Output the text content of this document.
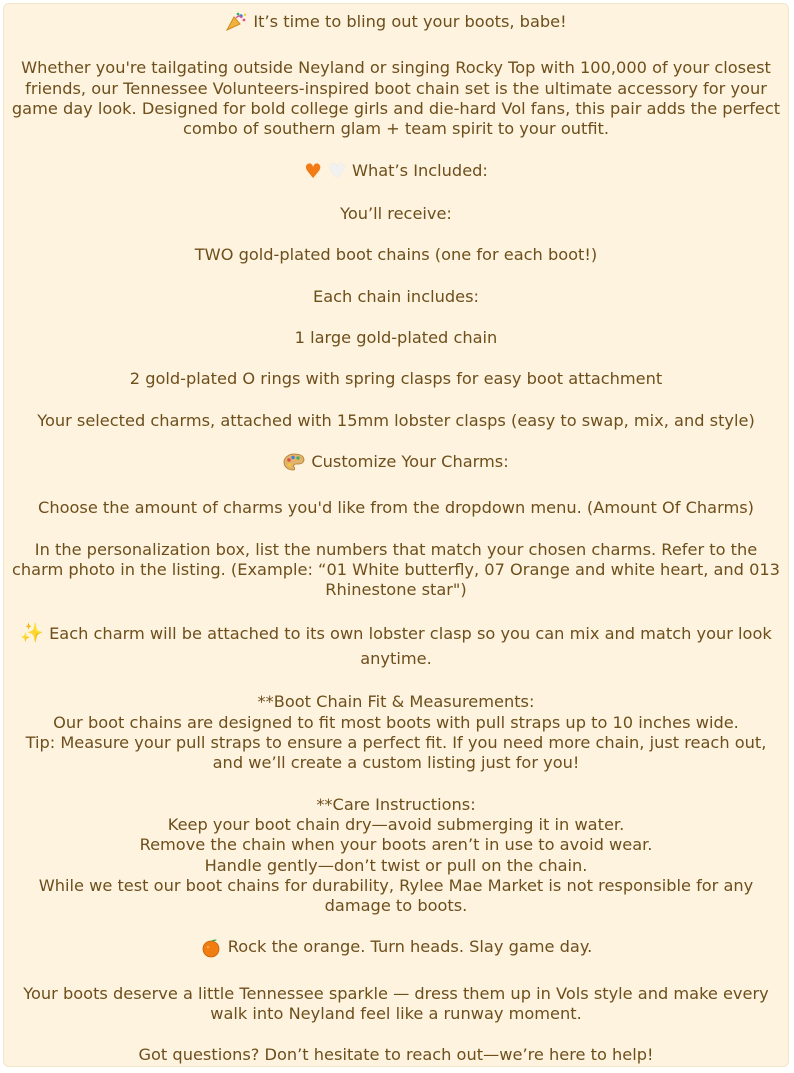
It’s time to bling out your boots, babe!

Whether you're tailgating outside Neyland or singing Rocky Top with 100,000 of your closest friends, our Tennessee Volunteers-inspired boot chain set is the ultimate accessory for your game day look. Designed for bold college girls and die-hard Vol fans, this pair adds the perfect combo of southern glam + team spirit to your outfit.

♥ ♥ What’s Included:

You’ll receive:

TWO gold-plated boot chains (one for each boot!)

Each chain includes:

1 large gold-plated chain

2 gold-plated O rings with spring clasps for easy boot attachment

Your selected charms, attached with 15mm lobster clasps (easy to swap, mix, and style)

Customize Your Charms:

Choose the amount of charms you'd like from the dropdown menu. (Amount Of Charms)

In the personalization box, list the numbers that match your chosen charms. Refer to the charm photo in the listing. (Example: “01 White butterfly, 07 Orange and white heart, and 013 Rhinestone star")

✨ Each charm will be attached to its own lobster clasp so you can mix and match your look anytime.

**Boot Chain Fit & Measurements:

Our boot chains are designed to fit most boots with pull straps up to 10 inches wide.

Tip: Measure your pull straps to ensure a perfect fit. If you need more chain, just reach out, and we’ll create a custom listing just for you!

**Care Instructions:

Keep your boot chain dry—avoid submerging it in water.

Remove the chain when your boots aren’t in use to avoid wear.

Handle gently—don’t twist or pull on the chain.

While we test our boot chains for durability, Rylee Mae Market is not responsible for any damage to boots.

Rock the orange. Turn heads. Slay game day.

Your boots deserve a little Tennessee sparkle — dress them up in Vols style and make every walk into Neyland feel like a runway moment.

Got questions? Don’t hesitate to reach out—we’re here to help!
